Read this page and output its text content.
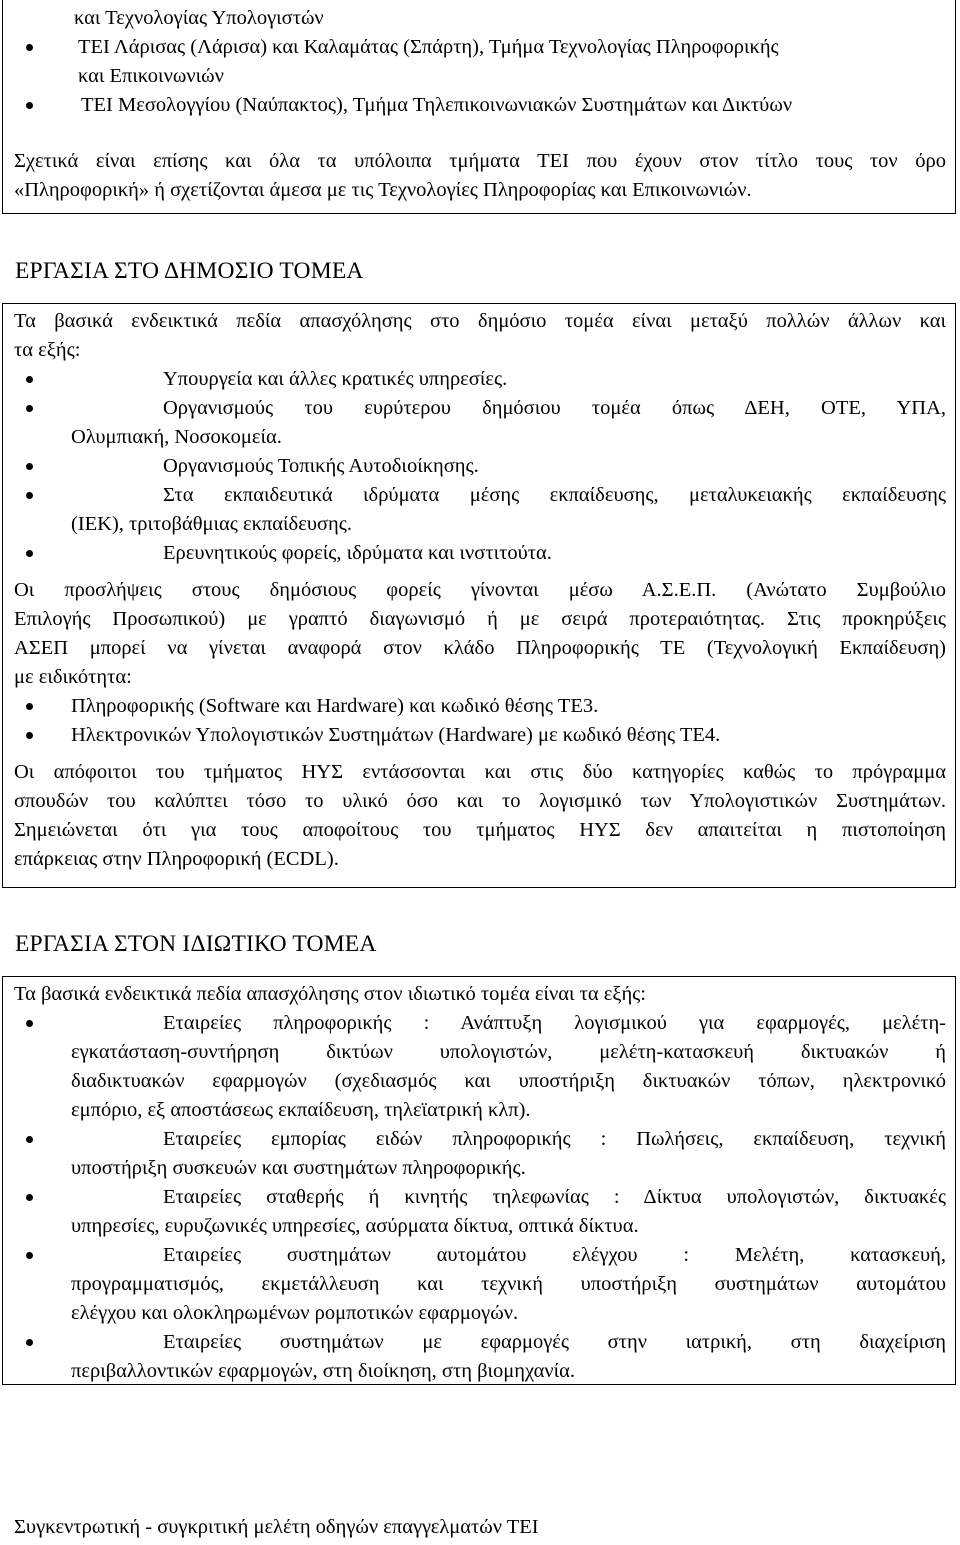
και Τεχνολογίας Υπολογιστών
ΤΕΙ Λάρισας (Λάρισα) και Καλαμάτας (Σπάρτη), Τμήμα Τεχνολογίας Πληροφορικής
και Επικοινωνιών
ΤΕΙ Μεσολογγίου (Ναύπακτος), Τμήμα Τηλεπικοινωνιακών Συστημάτων και Δικτύων
Σχετικά είναι επίσης και όλα τα υπόλοιπα τμήματα ΤΕΙ που έχουν στον τίτλο τους τον όρο
«Πληροφορική» ή σχετίζονται άμεσα με τις Τεχνολογίες Πληροφορίας και Επικοινωνιών.
ΕΡΓΑΣΙΑ ΣΤΟ ΔΗΜΟΣΙΟ ΤΟΜΕΑ
Τα βασικά ενδεικτικά πεδία απασχόλησης στο δημόσιο τομέα είναι μεταξύ πολλών άλλων και
τα εξής:
Υπουργεία και άλλες κρατικές υπηρεσίες.
Οργανισμούς του ευρύτερου δημόσιου τομέα όπως ΔΕΗ, ΟΤΕ, ΥΠΑ,
Ολυμπιακή, Νοσοκομεία.
Οργανισμούς Τοπικής Αυτοδιοίκησης.
Στα εκπαιδευτικά ιδρύματα μέσης εκπαίδευσης, μεταλυκειακής εκπαίδευσης
(ΙΕΚ), τριτοβάθμιας εκπαίδευσης.
Ερευνητικούς φορείς, ιδρύματα και ινστιτούτα.
Οι προσλήψεις στους δημόσιους φορείς γίνονται μέσω Α.Σ.Ε.Π. (Ανώτατο Συμβούλιο
Επιλογής Προσωπικού) με γραπτό διαγωνισμό ή με σειρά προτεραιότητας. Στις προκηρύξεις
ΑΣΕΠ μπορεί να γίνεται αναφορά στον κλάδο Πληροφορικής ΤΕ (Τεχνολογική Εκπαίδευση)
με ειδικότητα:
Πληροφορικής (Software και Hardware) και κωδικό θέσης ΤΕ3.
Ηλεκτρονικών Υπολογιστικών Συστημάτων (Hardware) με κωδικό θέσης ΤΕ4.
Οι απόφοιτοι του τμήματος ΗΥΣ εντάσσονται και στις δύο κατηγορίες καθώς το πρόγραμμα
σπουδών του καλύπτει τόσο το υλικό όσο και το λογισμικό των Υπολογιστικών Συστημάτων.
Σημειώνεται ότι για τους αποφοίτους του τμήματος ΗΥΣ δεν απαιτείται η πιστοποίηση
επάρκειας στην Πληροφορική (ECDL).
ΕΡΓΑΣΙΑ ΣΤΟΝ ΙΔΙΩΤΙΚΟ ΤΟΜΕΑ
Τα βασικά ενδεικτικά πεδία απασχόλησης στον ιδιωτικό τομέα είναι τα εξής:
Εταιρείες πληροφορικής : Ανάπτυξη λογισμικού για εφαρμογές, μελέτη-
εγκατάσταση-συντήρηση δικτύων υπολογιστών, μελέτη-κατασκευή δικτυακών ή
διαδικτυακών εφαρμογών (σχεδιασμός και υποστήριξη δικτυακών τόπων, ηλεκτρονικό
εμπόριο, εξ αποστάσεως εκπαίδευση, τηλεϊατρική κλπ).
Εταιρείες εμπορίας ειδών πληροφορικής : Πωλήσεις, εκπαίδευση, τεχνική
υποστήριξη συσκευών και συστημάτων πληροφορικής.
Εταιρείες σταθερής ή κινητής τηλεφωνίας : Δίκτυα υπολογιστών, δικτυακές
υπηρεσίες, ευρυζωνικές υπηρεσίες, ασύρματα δίκτυα, οπτικά δίκτυα.
Εταιρείες συστημάτων αυτομάτου ελέγχου : Μελέτη, κατασκευή,
προγραμματισμός, εκμετάλλευση και τεχνική υποστήριξη συστημάτων αυτομάτου
ελέγχου και ολοκληρωμένων ρομποτικών εφαρμογών.
Εταιρείες συστημάτων με εφαρμογές στην ιατρική, στη διαχείριση
περιβαλλοντικών εφαρμογών, στη διοίκηση, στη βιομηχανία.
Συγκεντρωτική - συγκριτική μελέτη οδηγών επαγγελματών ΤΕΙ
